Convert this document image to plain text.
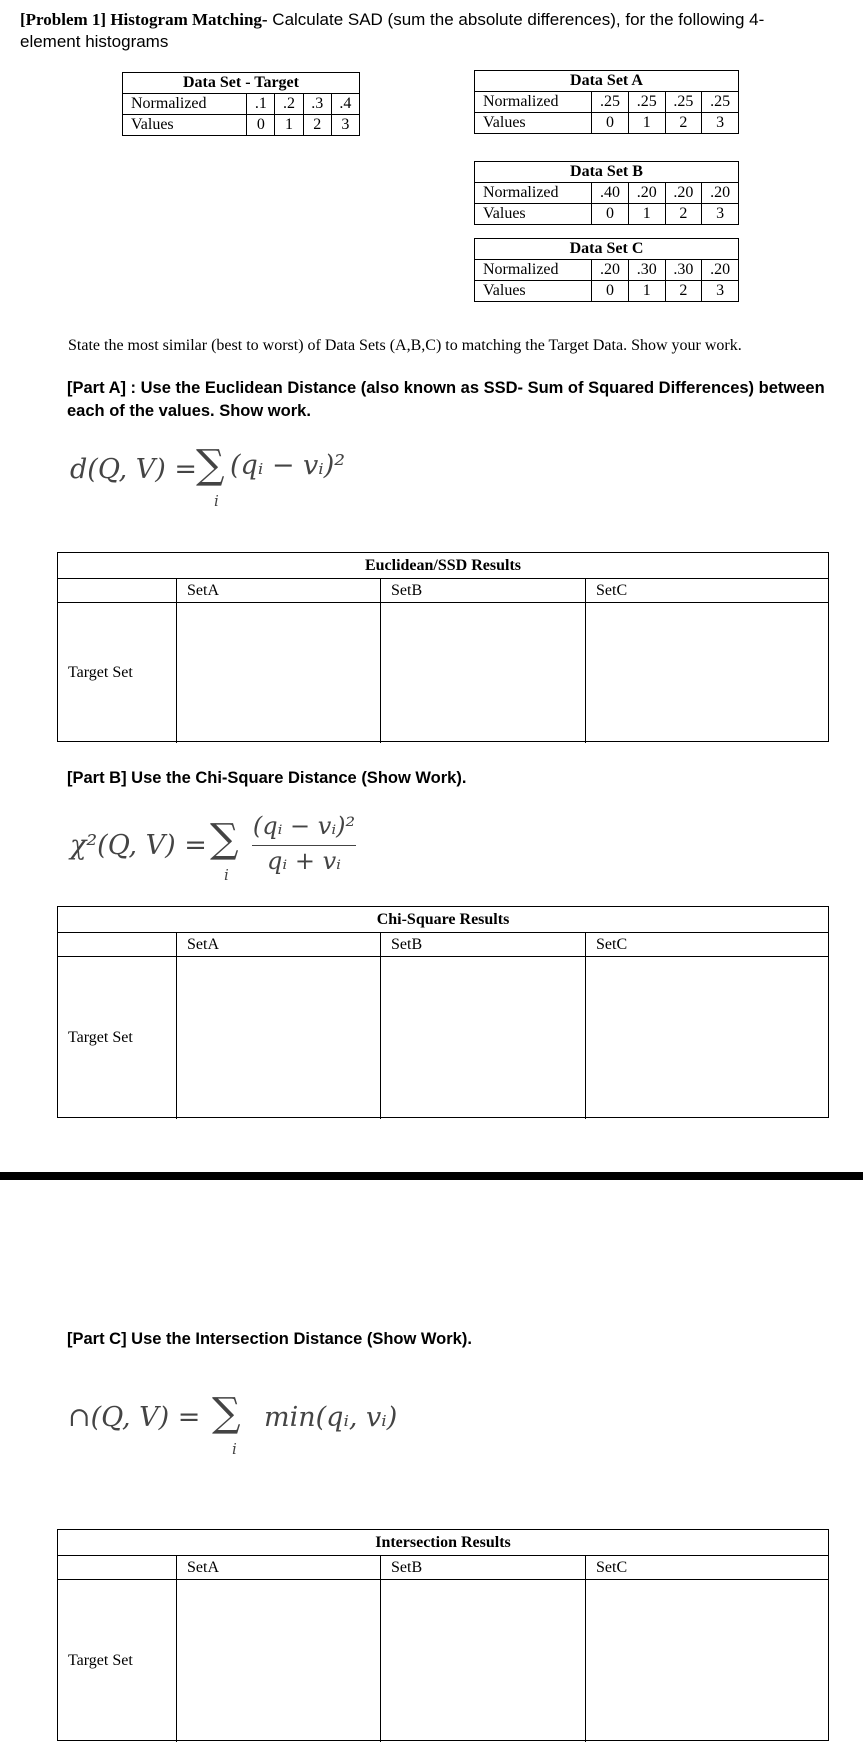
[Problem 1] Histogram Matching- Calculate SAD (sum the absolute differences), for the following 4-
element histograms
Data Set - Target				
Normalized	.1	.2	.3	.4
Values	0	1	2	3
Data Set A				
Normalized	.25	.25	.25	.25
Values	0	1	2	3
Data Set B				
Normalized	.40	.20	.20	.20
Values	0	1	2	3
Data Set C				
Normalized	.20	.30	.30	.20
Values	0	1	2	3
State the most similar (best to worst) of Data Sets (A,B,C) to matching the Target Data. Show your work.
[Part A] : Use the Euclidean Distance (also known as SSD- Sum of Squared Differences) between
each of the values. Show work.
d(Q, V) =
∑
i
(qᵢ − vᵢ)²
Euclidean/SSD Results
SetA	SetB	SetC
Target Set
[Part B] Use the Chi-Square Distance (Show Work).
χ²(Q, V) = ∑
i
(qᵢ − vᵢ)²
qᵢ + vᵢ
Chi-Square Results
SetA	SetB	SetC
Target Set
[Part C] Use the Intersection Distance (Show Work).
∩(Q, V) = ∑
i
min(qᵢ, vᵢ)
Intersection Results
SetA	SetB	SetC
Target Set
